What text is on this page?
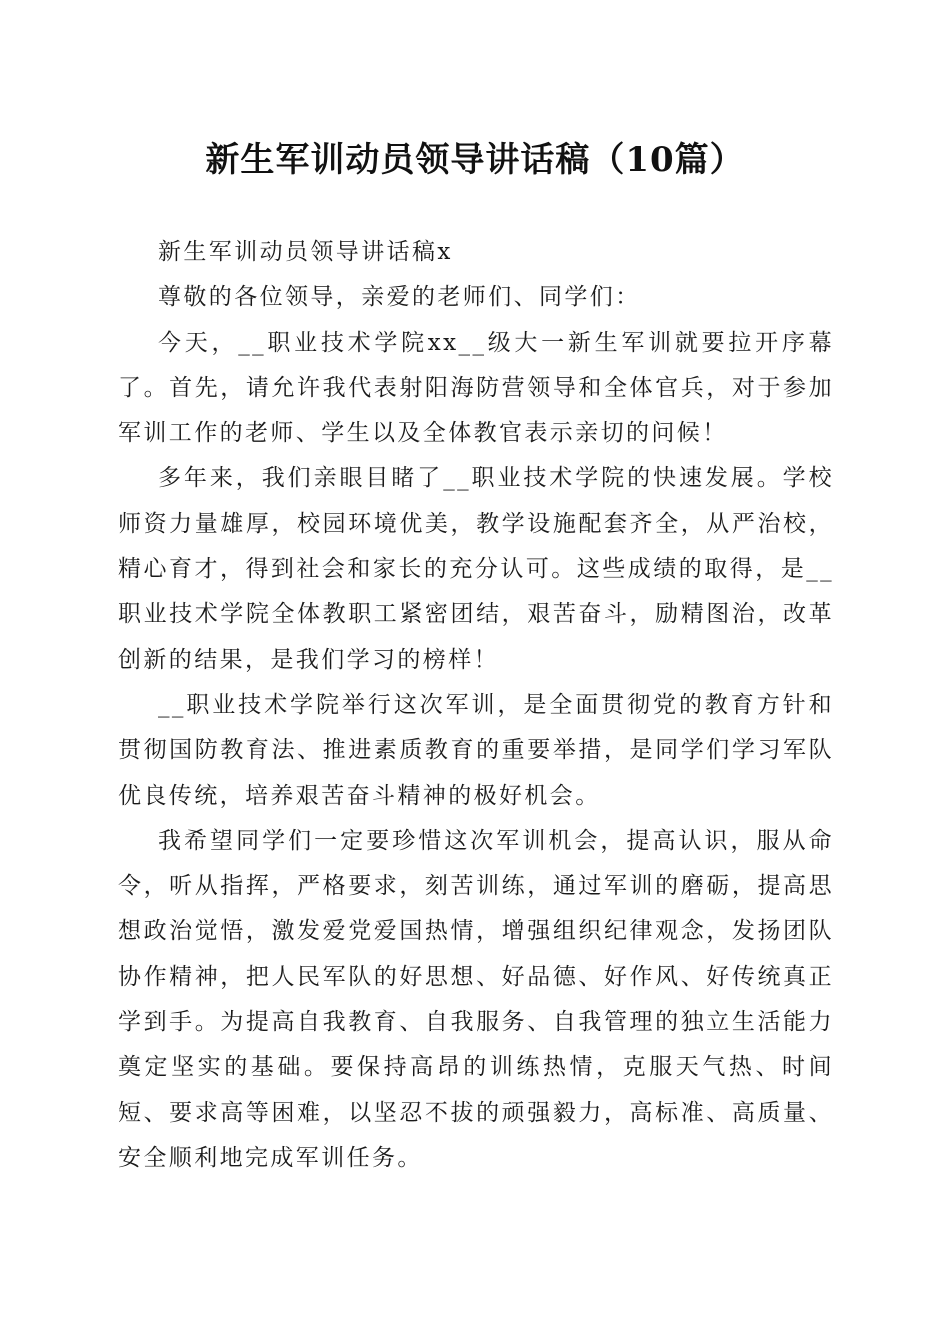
新生军训动员领导讲话稿（10篇）

新生军训动员领导讲话稿x

尊敬的各位领导，亲爱的老师们、同学们：

今天，__职业技术学院xx__级大一新生军训就要拉开序幕了。首先，请允许我代表射阳海防营领导和全体官兵，对于参加军训工作的老师、学生以及全体教官表示亲切的问候！

多年来，我们亲眼目睹了__职业技术学院的快速发展。学校师资力量雄厚，校园环境优美，教学设施配套齐全，从严治校，精心育才，得到社会和家长的充分认可。这些成绩的取得，是__职业技术学院全体教职工紧密团结，艰苦奋斗，励精图治，改革创新的结果，是我们学习的榜样！

__职业技术学院举行这次军训，是全面贯彻党的教育方针和贯彻国防教育法、推进素质教育的重要举措，是同学们学习军队优良传统，培养艰苦奋斗精神的极好机会。

我希望同学们一定要珍惜这次军训机会，提高认识，服从命令，听从指挥，严格要求，刻苦训练，通过军训的磨砺，提高思想政治觉悟，激发爱党爱国热情，增强组织纪律观念，发扬团队协作精神，把人民军队的好思想、好品德、好作风、好传统真正学到手。为提高自我教育、自我服务、自我管理的独立生活能力奠定坚实的基础。要保持高昂的训练热情，克服天气热、时间短、要求高等困难，以坚忍不拔的顽强毅力，高标准、高质量、安全顺利地完成军训任务。
